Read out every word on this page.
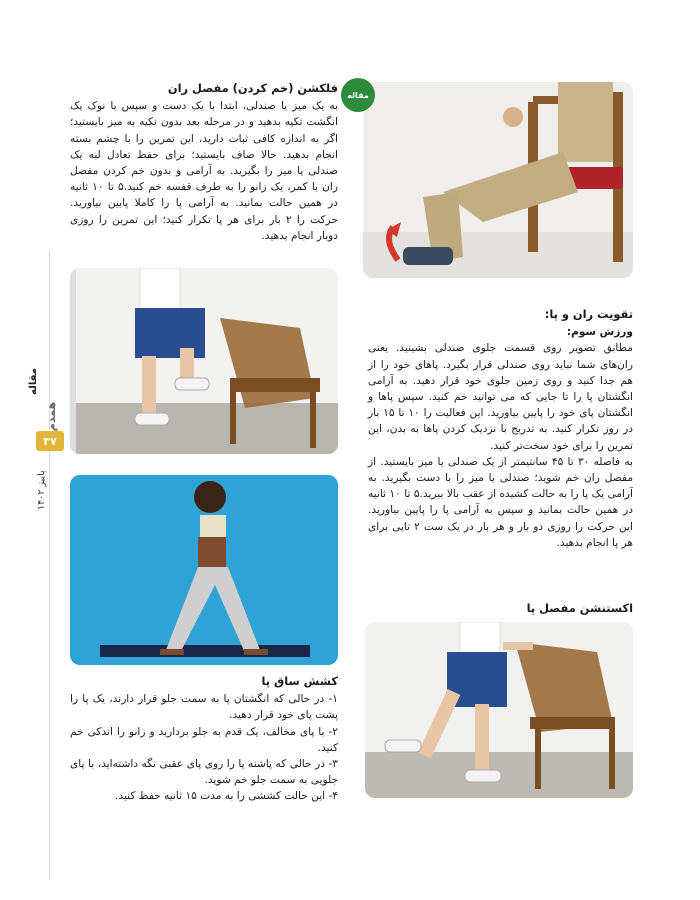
مقاله
همدم
۳۷
پاییز ۱۴۰۲
مقاله
فلکشن (خم کردن) مفصل ران

به یک میز یا صندلی، ابتدا با یک دست و سپس با نوک یک انگشت تکیه بدهید و در مرحله بعد بدون تکیه به میز بایستید؛ اگر به اندازه کافی ثبات دارید، این تمرین را با چشم بسته انجام بدهید. حالا صاف بایستید؛ برای حفظ تعادل لبه یک صندلی یا میز را بگیرید. به آرامی و بدون خم کردن مفصل ران یا کمر، یک زانو را به طرف قفسه خم کنید.۵ تا ۱۰ ثانیه در همین حالت بمانید. به آرامی پا را کاملا پایین بیاورید. حرکت را ۲ بار برای هر پا تکرار کنید؛ این تمرین را روزی دوبار انجام بدهید.

تقویت ران و پا:

ورزش سوم:

مطابق تصویر روی قسمت جلوی صندلی بشینید. یعنی ران‌های شما نباید روی صندلی قرار بگیرد. پاهای خود را از هم جدا کنید و روی زمین جلوی خود قرار دهید. به آرامی انگشتان پا را تا جایی که می توانید خم کنید. سپس پاها و انگشتان پای خود را پایین بیاورید. این فعالیت را ۱۰ تا ۱۵ بار در روز تکرار کنید. به تدریج با نزدیک کردن پاها به بدن، این تمرین را برای خود سخت‌تر کنید.

به فاصله ۳۰ تا ۴۵ سانتیمتر از یک صندلی یا میز بایستید. از مفصل ران خم شوید؛ صندلی یا میز را با دست بگیرید. به آرامی یک پا را به حالت کشیده از عقب بالا ببرید.۵ تا ۱۰ ثانیه در همین حالت بمانید و سپس به آرامی پا را پایین بیاورید. این حرکت را روزی دو بار و هر بار در یک ست ۲ تایی برای هر پا انجام بدهید.

اکستنشن مفصل پا
کشش ساق پا

۱- در حالی که انگشتان پا به سمت جلو قرار دارند، یک پا را پشت پای خود قرار دهید.

۲- با پای مخالف، یک قدم به جلو بردارید و زانو را اندکی خم کنید.

۳- در حالی که پاشنه پا را روی پای عقبی نگه داشته‌اید، با پای جلویی به سمت جلو خم شوید.

۴- این حالت کششی را به مدت ۱۵ ثانیه حفظ کنید.
